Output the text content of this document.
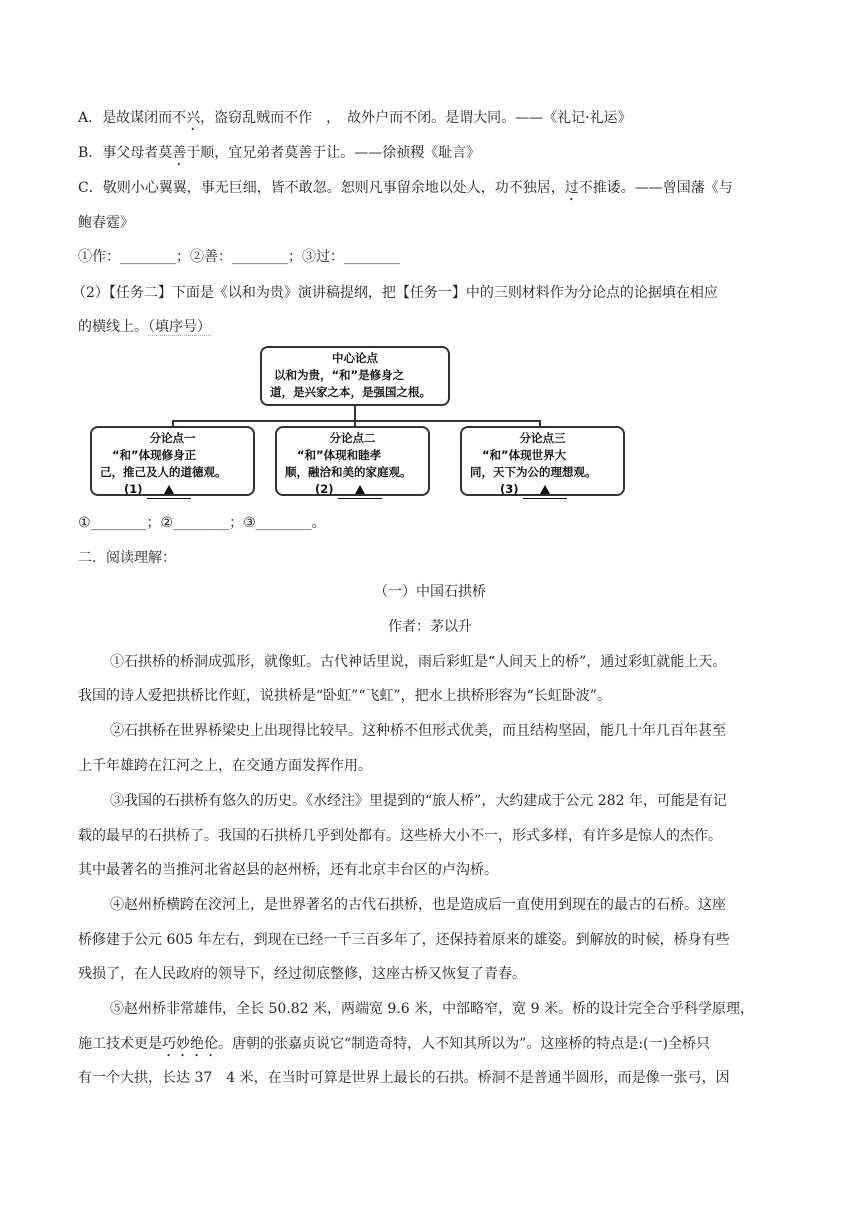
A．是故谋闭而不兴，盗窃乱贼而不作　，　故外户而不闭。是谓大同。——《礼记·礼运》
B．事父母者莫善于顺，宜兄弟者莫善于让。——徐祯稷《耻言》
C．敬则小心翼翼，事无巨细，皆不敢忽。恕则凡事留余地以处人，功不独居，过不推诿。——曾国藩《与
鲍春霆》
①作：________；②善：________；③过：________
（2）【任务二】下面是《以和为贵》演讲稿提纲，把【任务一】中的三则材料作为分论点的论据填在相应
的横线上。（填序号）
中心论点
以和为贵，“和”是修身之
道，是兴家之本，是强国之根。
分论点一
“和”体现修身正
己，推己及人的道德观。
(1)
分论点二
“和”体现和睦孝
顺，融洽和美的家庭观。
(2)
分论点三
“和”体现世界大
同，天下为公的理想观。
(3)
①________；②________；③________。
二．阅读理解：
（一）中国石拱桥
作者：茅以升
①石拱桥的桥洞成弧形，就像虹。古代神话里说，雨后彩虹是“人间天上的桥”，通过彩虹就能上天。
我国的诗人爱把拱桥比作虹，说拱桥是“卧虹”“飞虹”，把水上拱桥形容为“长虹卧波”。
②石拱桥在世界桥梁史上出现得比较早。这种桥不但形式优美，而且结构坚固，能几十年几百年甚至
上千年雄跨在江河之上，在交通方面发挥作用。
③我国的石拱桥有悠久的历史。《水经注》里提到的“旅人桥”，大约建成于公元 282 年，可能是有记
载的最早的石拱桥了。我国的石拱桥几乎到处都有。这些桥大小不一，形式多样，有许多是惊人的杰作。
其中最著名的当推河北省赵县的赵州桥，还有北京丰台区的卢沟桥。
④赵州桥横跨在洨河上，是世界著名的古代石拱桥，也是造成后一直使用到现在的最古的石桥。这座
桥修建于公元 605 年左右，到现在已经一千三百多年了，还保持着原来的雄姿。到解放的时候，桥身有些
残损了，在人民政府的领导下，经过彻底整修，这座古桥又恢复了青春。
⑤赵州桥非常雄伟，全长 50.82 米，两端宽 9.6 米，中部略窄，宽 9 米。桥的设计完全合乎科学原理，
施工技术更是巧妙绝伦。唐朝的张嘉贞说它“制造奇特，人不知其所以为”。这座桥的特点是:(一)全桥只
有一个大拱，长达 37　4 米，在当时可算是世界上最长的石拱。桥洞不是普通半圆形，而是像一张弓，因
